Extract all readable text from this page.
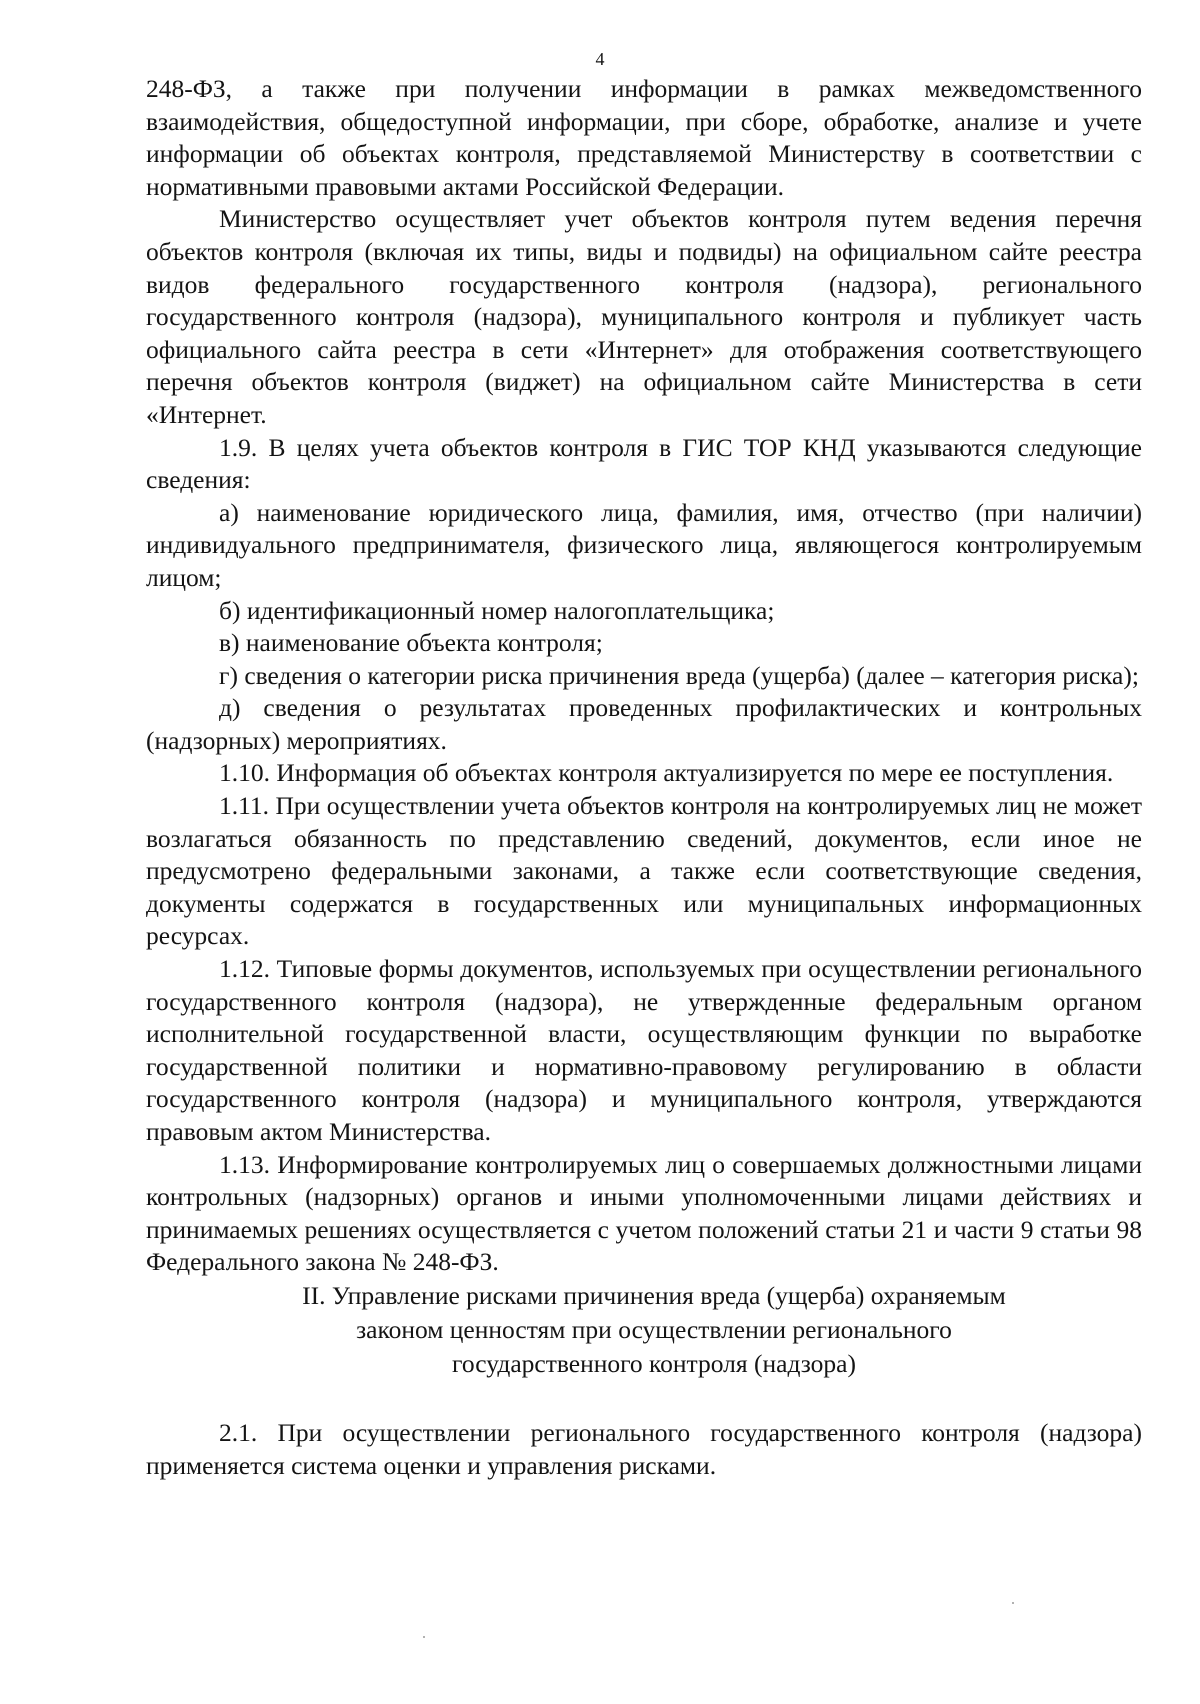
4

248-ФЗ, а также при получении информации в рамках межведомственного взаимодействия, общедоступной информации, при сборе, обработке, анализе и учете информации об объектах контроля, представляемой Министерству в соответствии с нормативными правовыми актами Российской Федерации.

Министерство осуществляет учет объектов контроля путем ведения перечня объектов контроля (включая их типы, виды и подвиды) на официальном сайте реестра видов федерального государственного контроля (надзора), регионального государственного контроля (надзора), муниципального контроля и публикует часть официального сайта реестра в сети «Интернет» для отображения соответствующего перечня объектов контроля (виджет) на официальном сайте Министерства в сети «Интернет.

1.9. В целях учета объектов контроля в ГИС ТОР КНД указываются следующие сведения:

а) наименование юридического лица, фамилия, имя, отчество (при наличии) индивидуального предпринимателя, физического лица, являющегося контролируемым лицом;

б) идентификационный номер налогоплательщика;

в) наименование объекта контроля;

г) сведения о категории риска причинения вреда (ущерба) (далее – категория риска);

д) сведения о результатах проведенных профилактических и контрольных (надзорных) мероприятиях.

1.10. Информация об объектах контроля актуализируется по мере ее поступления.

1.11. При осуществлении учета объектов контроля на контролируемых лиц не может возлагаться обязанность по представлению сведений, документов, если иное не предусмотрено федеральными законами, а также если соответствующие сведения, документы содержатся в государственных или муниципальных информационных ресурсах.

1.12. Типовые формы документов, используемых при осуществлении регионального государственного контроля (надзора), не утвержденные федеральным органом исполнительной государственной власти, осуществляющим функции по выработке государственной политики и нормативно-правовому регулированию в области государственного контроля (надзора) и муниципального контроля, утверждаются правовым актом Министерства.

1.13. Информирование контролируемых лиц о совершаемых должностными лицами контрольных (надзорных) органов и иными уполномоченными лицами действиях и принимаемых решениях осуществляется с учетом положений статьи 21 и части 9 статьи 98 Федерального закона № 248-ФЗ.

II. Управление рисками причинения вреда (ущерба) охраняемым законом ценностям при осуществлении регионального государственного контроля (надзора)

2.1. При осуществлении регионального государственного контроля (надзора) применяется система оценки и управления рисками.
